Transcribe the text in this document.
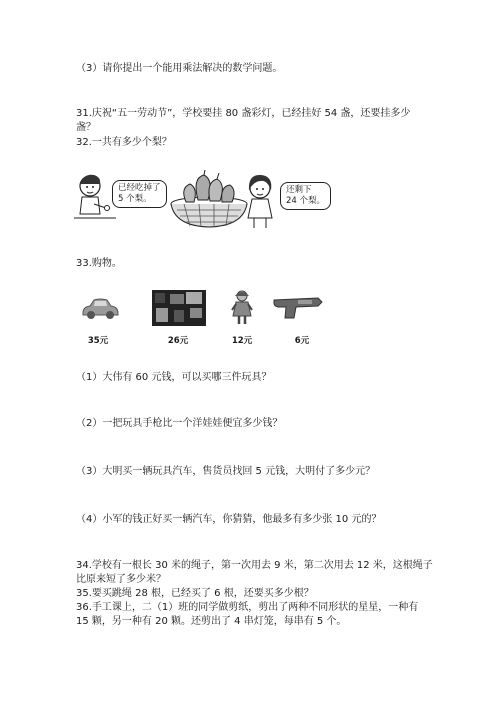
（3）请你提出一个能用乘法解决的数学问题。
31.庆祝“五一劳动节”，学校要挂 80 盏彩灯，已经挂好 54 盏，还要挂多少
盏？
32.一共有多少个梨？
已经吃掉了
5 个梨。
还剩下
24 个梨。
33.购物。
35元	26元	12元	6元
（1）大伟有 60 元钱，可以买哪三件玩具？
（2）一把玩具手枪比一个洋娃娃便宜多少钱？
（3）大明买一辆玩具汽车，售货员找回 5 元钱，大明付了多少元？
（4）小军的钱正好买一辆汽车，你猜猜，他最多有多少张 10 元的？
34.学校有一根长 30 米的绳子，第一次用去 9 米，第二次用去 12 米，这根绳子
比原来短了多少米？
35.要买跳绳 28 根，已经买了 6 根，还要买多少根？
36.手工课上，二（1）班的同学做剪纸，剪出了两种不同形状的星星，一种有
15 颗，另一种有 20 颗。还剪出了 4 串灯笼，每串有 5 个。
